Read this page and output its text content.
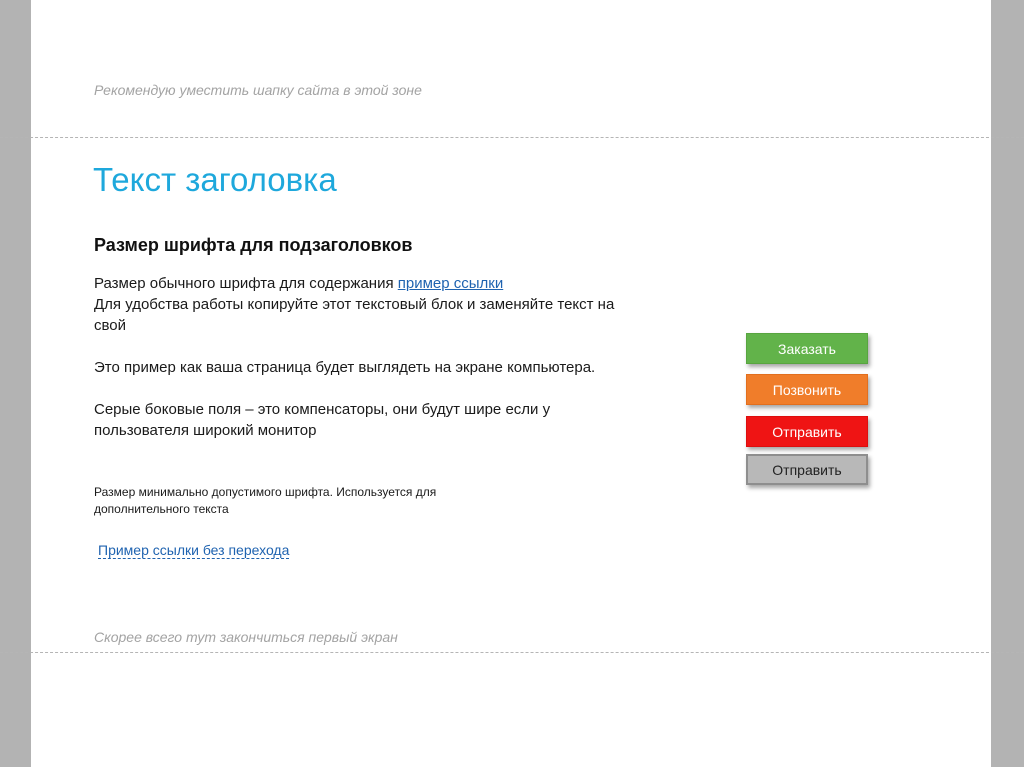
Рекомендую уместить шапку сайта в этой зоне
Текст заголовка
Размер шрифта для подзаголовков

Размер обычного шрифта для содержания пример ссылки

Для удобства работы копируйте этот текстовый блок и заменяйте текст на свой

Это пример как ваша страница будет выглядеть на экране компьютера.

Серые боковые поля – это компенсаторы, они будут шире если у пользователя широкий монитор

Размер минимально допустимого шрифта. Используется для дополнительного текста

Пример ссылки без перехода
Заказать
Позвонить
Отправить
Отправить
Скорее всего тут закончиться первый экран
